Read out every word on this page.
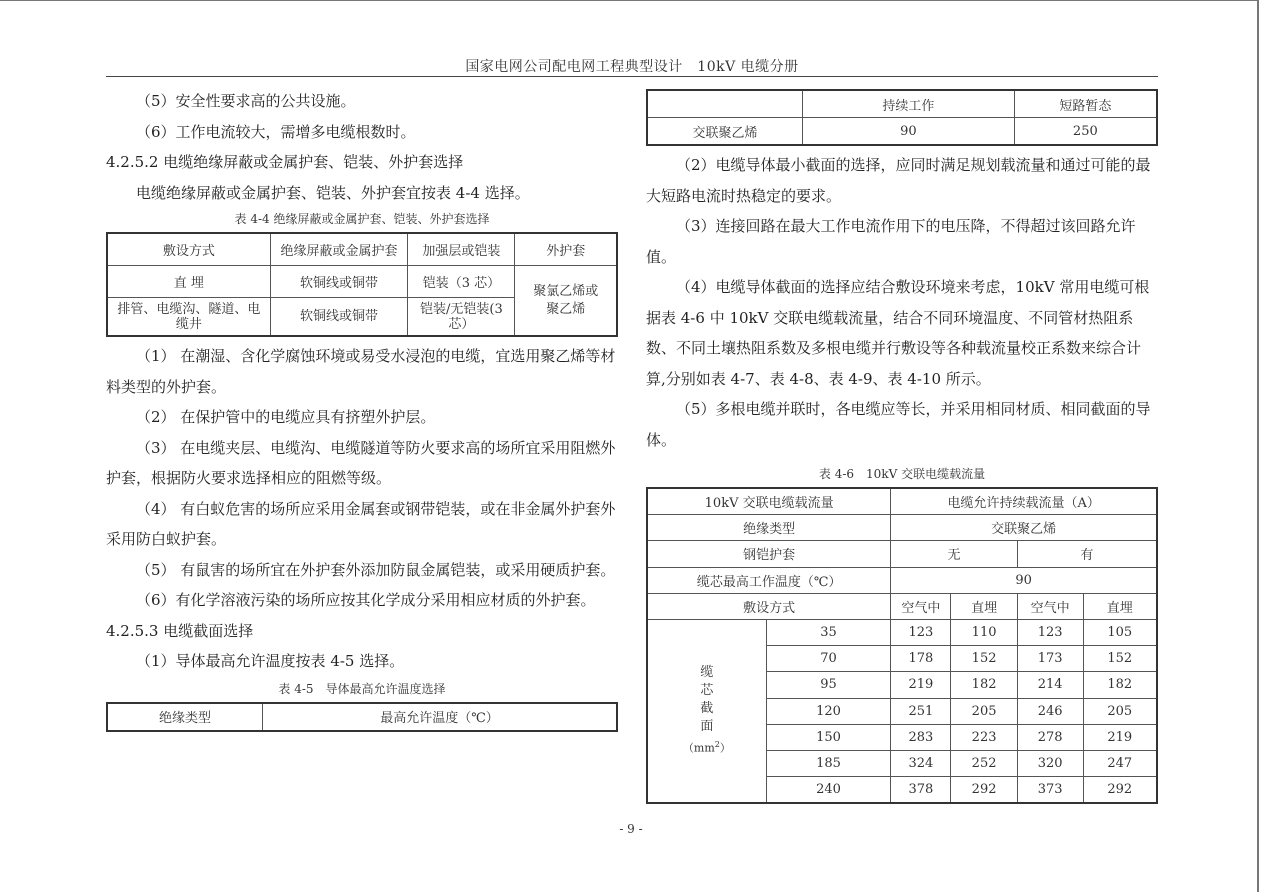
国家电网公司配电网工程典型设计　10kV 电缆分册

（5）安全性要求高的公共设施。

（6）工作电流较大，需增多电缆根数时。

4.2.5.2 电缆绝缘屏蔽或金属护套、铠装、外护套选择

电缆绝缘屏蔽或金属护套、铠装、外护套宜按表 4-4 选择。

表 4-4 绝缘屏蔽或金属护套、铠装、外护套选择
敷设方式	绝缘屏蔽或金属护套	加强层或铠装	外护套
直 埋	软铜线或铜带	铠装（3 芯）	聚氯乙烯或聚乙烯
排管、电缆沟、隧道、电缆井	软铜线或铜带	铠装/无铠装(3芯）	

（1） 在潮湿、含化学腐蚀环境或易受水浸泡的电缆，宜选用聚乙烯等材料类型的外护套。

（2） 在保护管中的电缆应具有挤塑外护层。

（3） 在电缆夹层、电缆沟、电缆隧道等防火要求高的场所宜采用阻燃外护套，根据防火要求选择相应的阻燃等级。

（4） 有白蚁危害的场所应采用金属套或钢带铠装，或在非金属外护套外采用防白蚁护套。

（5） 有鼠害的场所宜在外护套外添加防鼠金属铠装，或采用硬质护套。

（6）有化学溶液污染的场所应按其化学成分采用相应材质的外护套。

4.2.5.3 电缆截面选择

（1）导体最高允许温度按表 4-5 选择。

表 4-5　导体最高允许温度选择
绝缘类型	最高允许温度（℃）
	持续工作	短路暂态
交联聚乙烯	90	250

（2）电缆导体最小截面的选择，应同时满足规划载流量和通过可能的最大短路电流时热稳定的要求。

（3）连接回路在最大工作电流作用下的电压降，不得超过该回路允许值。

（4）电缆导体截面的选择应结合敷设环境来考虑，10kV 常用电缆可根据表 4-6 中 10kV 交联电缆载流量，结合不同环境温度、不同管材热阻系数、不同土壤热阻系数及多根电缆并行敷设等各种载流量校正系数来综合计算,分别如表 4-7、表 4-8、表 4-9、表 4-10 所示。

（5）多根电缆并联时，各电缆应等长，并采用相同材质、相同截面的导体。

表 4-6　10kV 交联电缆载流量
10kV 交联电缆载流量		电缆允许持续载流量（A）			
绝缘类型		交联聚乙烯			
钢铠护套		无		有	
缆芯最高工作温度（℃）		90			
敷设方式		空气中	直埋	空气中	直埋

缆
芯
截
面
$(mm^2)$	35	123	110	123	105
	70	178	152	173	152
	95	219	182	214	182
	120	251	205	246	205
	150	283	223	278	219
	185	324	252	320	247
	240	378	292	373	292
- 9 -
